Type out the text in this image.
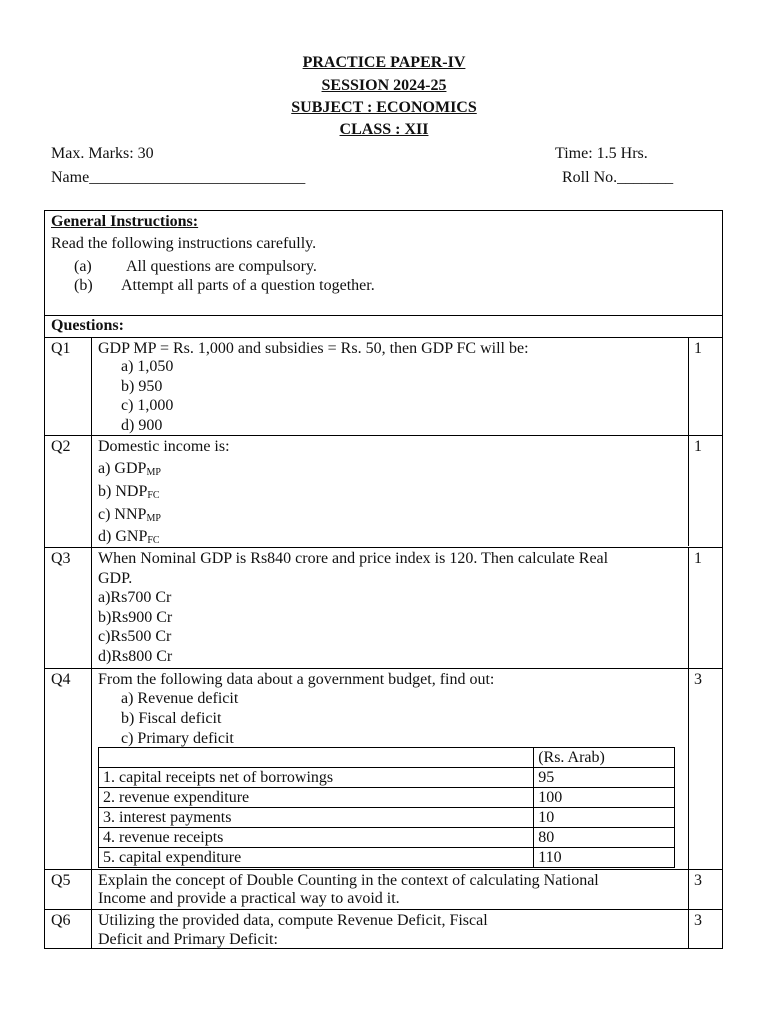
PRACTICE PAPER-IV
SESSION 2024-25
SUBJECT : ECONOMICS
CLASS : XII
Max. Marks: 30	Time: 1.5 Hrs.
Name___________________________	Roll No._______
General Instructions:
Read the following instructions carefully.
(a) All questions are compulsory.
(b) Attempt all parts of a question together.
Questions:
Q1 GDP MP = Rs. 1,000 and subsidies = Rs. 50, then GDP FC will be:
a) 1,050
b) 950
c) 1,000
d) 900
1
Q2 Domestic income is:
a) $GDP_{MP}$
b) $NDP_{FC}$
c) $NNP_{MP}$
d) $GNP_{FC}$
1
Q3 When Nominal GDP is Rs840 crore and price index is 120. Then calculate Real
GDP.
a)Rs700 Cr
b)Rs900 Cr
c)Rs500 Cr
d)Rs800 Cr
1
Q4 From the following data about a government budget, find out:
a) Revenue deficit
b) Fiscal deficit
c) Primary deficit
3
	(Rs. Arab)
1. capital receipts net of borrowings	95
2. revenue expenditure	100
3. interest payments	10
4. revenue receipts	80
5. capital expenditure	110
Q5 Explain the concept of Double Counting in the context of calculating National
Income and provide a practical way to avoid it.
3
Q6 Utilizing the provided data, compute Revenue Deficit, Fiscal
Deficit and Primary Deficit:
3
